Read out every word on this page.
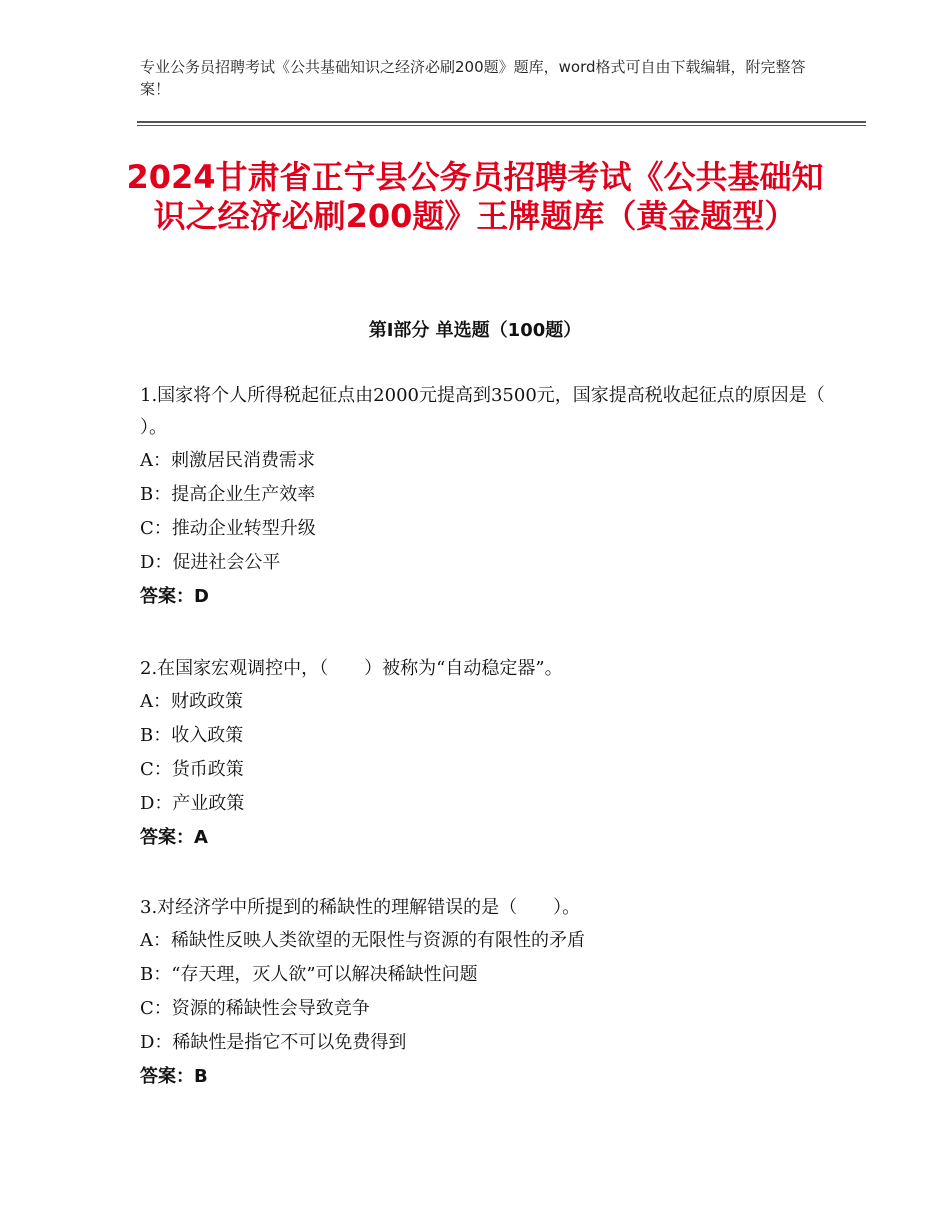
专业公务员招聘考试《公共基础知识之经济必刷200题》题库，word格式可自由下载编辑，附完整答案！
2024甘肃省正宁县公务员招聘考试《公共基础知识之经济必刷200题》王牌题库（黄金题型）
第Ⅰ部分 单选题（100题）

1.国家将个人所得税起征点由2000元提高到3500元，国家提高税收起征点的原因是（ ）。

A：刺激居民消费需求

B：提高企业生产效率

C：推动企业转型升级

D：促进社会公平

答案：D

2.在国家宏观调控中，（　　）被称为“自动稳定器”。

A：财政政策

B：收入政策

C：货币政策

D：产业政策

答案：A

3.对经济学中所提到的稀缺性的理解错误的是（　　）。

A：稀缺性反映人类欲望的无限性与资源的有限性的矛盾

B：“存天理，灭人欲”可以解决稀缺性问题

C：资源的稀缺性会导致竞争

D：稀缺性是指它不可以免费得到

答案：B
